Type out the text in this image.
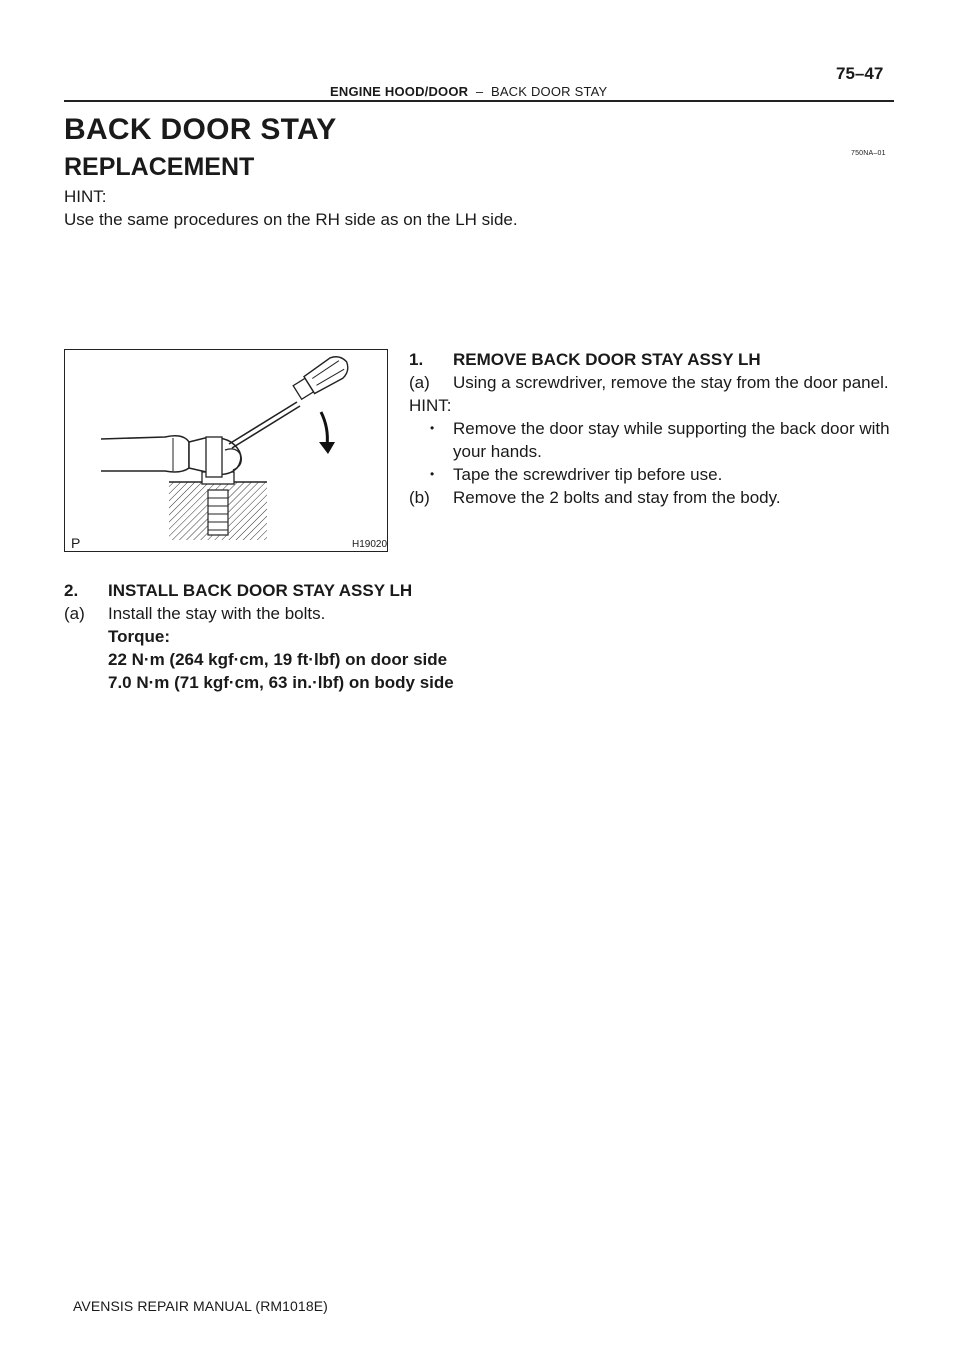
75–47
ENGINE HOOD/DOOR  –  BACK DOOR STAY
BACK DOOR STAY
REPLACEMENT	750NA–01
HINT:
Use the same procedures on the RH side as on the LH side.
P	H19020
1. REMOVE BACK DOOR STAY ASSY LH
(a) Using a screwdriver, remove the stay from the door panel.
HINT:
• Remove the door stay while supporting the back door with
your hands.
• Tape the screwdriver tip before use.
(b) Remove the 2 bolts and stay from the body.
2. INSTALL BACK DOOR STAY ASSY LH
(a) Install the stay with the bolts.
Torque:
22 N·m (264 kgf·cm, 19 ft·lbf) on door side
7.0 N·m (71 kgf·cm, 63 in.·lbf) on body side
AVENSIS REPAIR MANUAL (RM1018E)
